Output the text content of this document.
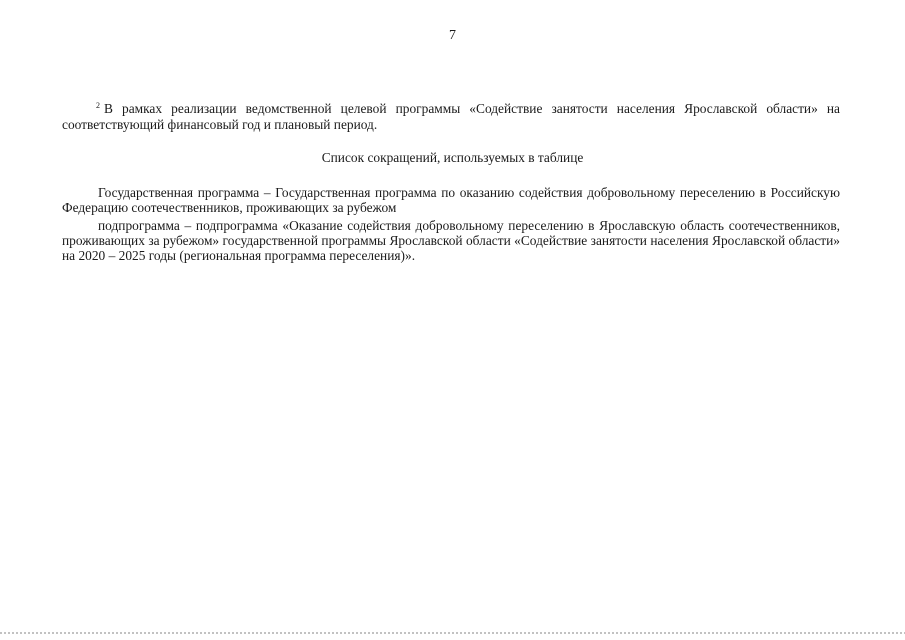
7

$^2$ В рамках реализации ведомственной целевой программы «Содействие занятости населения Ярославской области» на соответствующий финансовый год и плановый период.

Список сокращений, используемых в таблице

Государственная программа – Государственная программа по оказанию содействия добровольному переселению в Российскую Федерацию соотечественников, проживающих за рубежом

подпрограмма – подпрограмма «Оказание содействия добровольному переселению в Ярославскую область соотечественников, проживающих за рубежом» государственной программы Ярославской области «Содействие занятости населения Ярославской области» на 2020 – 2025 годы (региональная программа переселения)».
